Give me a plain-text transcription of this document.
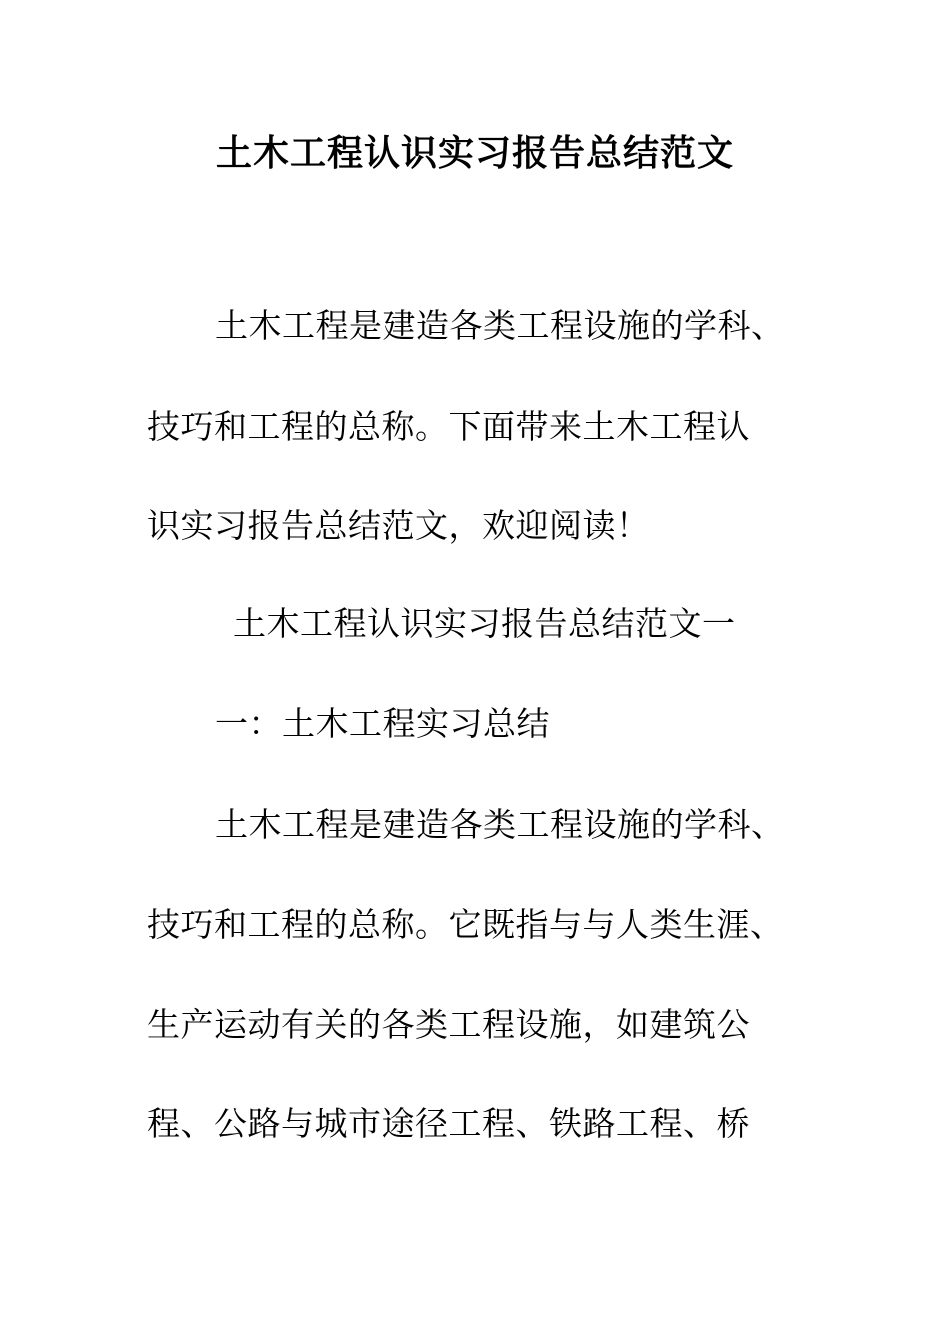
土木工程认识实习报告总结范文
土木工程是建造各类工程设施的学科、
技巧和工程的总称。下面带来土木工程认
识实习报告总结范文，欢迎阅读！
土木工程认识实习报告总结范文一
一：土木工程实习总结
土木工程是建造各类工程设施的学科、
技巧和工程的总称。它既指与与人类生涯、
生产运动有关的各类工程设施，如建筑公
程、公路与城市途径工程、铁路工程、桥
